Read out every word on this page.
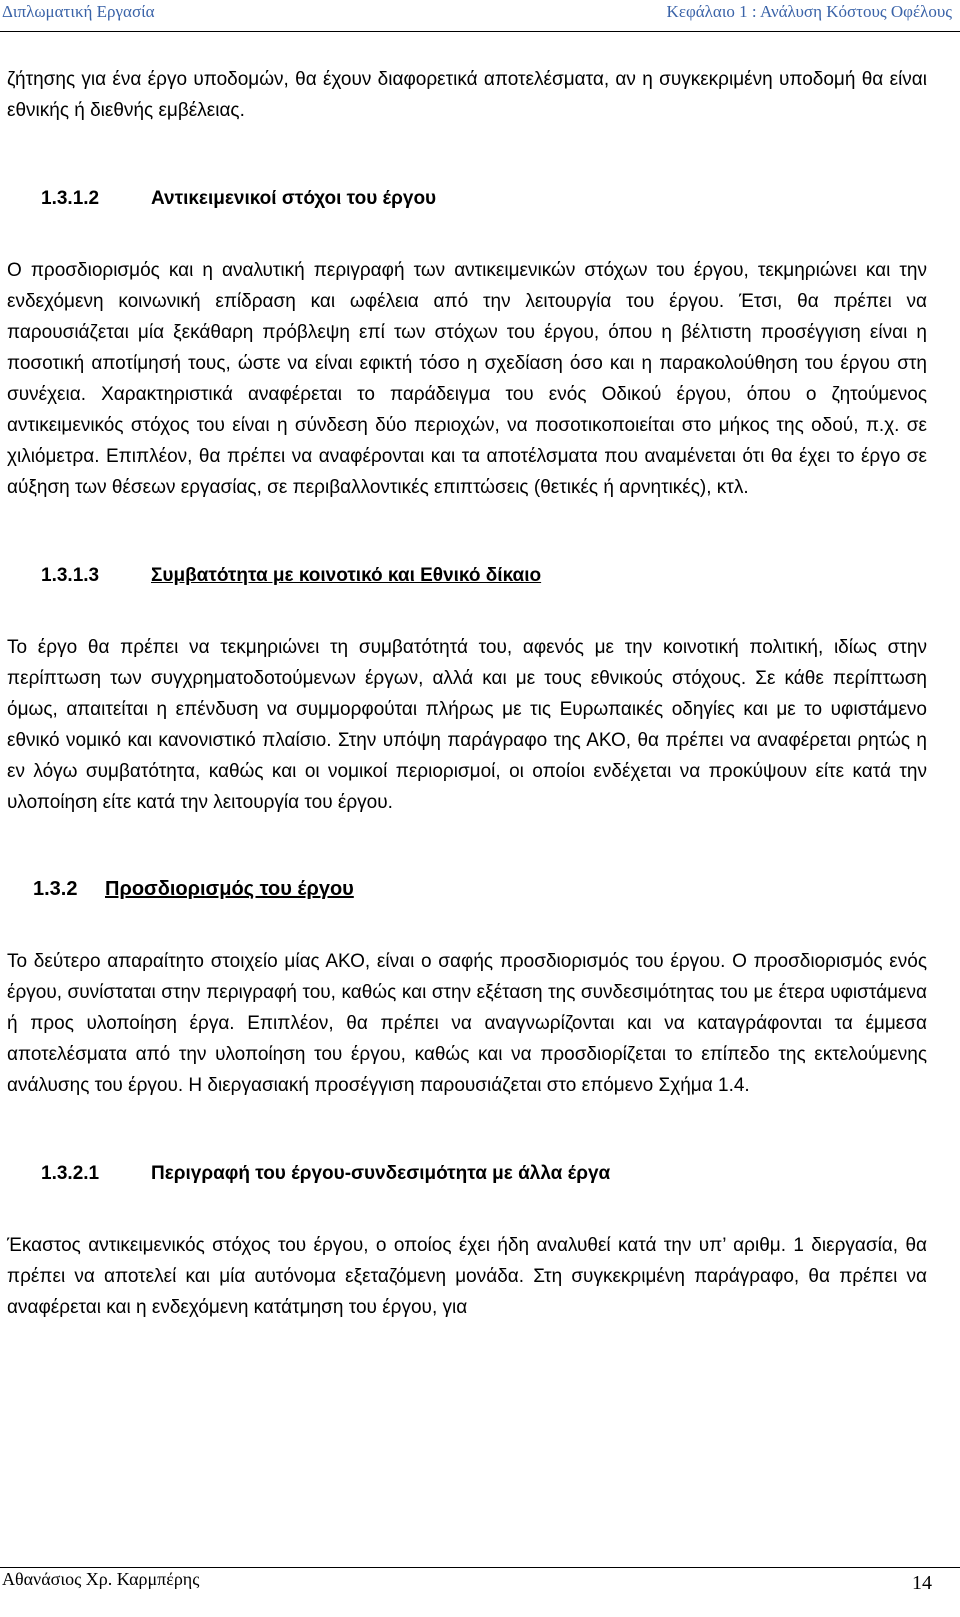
Διπλωματική Εργασία	Κεφάλαιο 1 : Ανάλυση Κόστους Οφέλους

ζήτησης για ένα έργο υποδομών, θα έχουν διαφορετικά αποτελέσματα, αν η συγκεκριμένη υποδομή θα είναι εθνικής ή διεθνής εμβέλειας.

1.3.1.2	Αντικειμενικοί στόχοι του έργου

Ο προσδιορισμός και η αναλυτική περιγραφή των αντικειμενικών στόχων του έργου, τεκμηριώνει και την ενδεχόμενη κοινωνική επίδραση και ωφέλεια από την λειτουργία του έργου. Έτσι, θα πρέπει να παρουσιάζεται μία ξεκάθαρη πρόβλεψη επί των στόχων του έργου, όπου η βέλτιστη προσέγγιση είναι η ποσοτική αποτίμησή τους, ώστε να είναι εφικτή τόσο η σχεδίαση όσο και η παρακολούθηση του έργου στη συνέχεια. Χαρακτηριστικά αναφέρεται το παράδειγμα του ενός Οδικού έργου, όπου ο ζητούμενος αντικειμενικός στόχος του είναι η σύνδεση δύο περιοχών, να ποσοτικοποιείται στο μήκος της οδού, π.χ. σε χιλιόμετρα. Επιπλέον, θα πρέπει να αναφέρονται και τα αποτέλσματα που αναμένεται ότι θα έχει το έργο σε αύξηση των θέσεων εργασίας, σε περιβαλλοντικές επιπτώσεις (θετικές ή αρνητικές), κτλ.

1.3.1.3	Συμβατότητα με κοινοτικό και Εθνικό δίκαιο

Το έργο θα πρέπει να τεκμηριώνει τη συμβατότητά του, αφενός με την κοινοτική πολιτική, ιδίως στην περίπτωση των συγχρηματοδοτούμενων έργων, αλλά και με τους εθνικούς στόχους. Σε κάθε περίπτωση όμως, απαιτείται η επένδυση να συμμορφούται πλήρως με τις Ευρωπαικές οδηγίες και με το υφιστάμενο εθνικό νομικό και κανονιστικό πλαίσιο. Στην υπόψη παράγραφο της ΑΚΟ, θα πρέπει να αναφέρεται ρητώς η εν λόγω συμβατότητα, καθώς και οι νομικοί περιορισμοί, οι οποίοι ενδέχεται να προκύψουν είτε κατά την υλοποίηση είτε κατά την λειτουργία του έργου.

1.3.2 Προσδιορισμός του έργου

Το δεύτερο απαραίτητο στοιχείο μίας ΑΚΟ, είναι ο σαφής προσδιορισμός του έργου. Ο προσδιορισμός ενός έργου, συνίσταται στην περιγραφή του, καθώς και στην εξέταση της συνδεσιμότητας του με έτερα υφιστάμενα ή προς υλοποίηση έργα. Επιπλέον, θα πρέπει να αναγνωρίζονται και να καταγράφονται τα έμμεσα αποτελέσματα από την υλοποίηση του έργου, καθώς και να προσδιορίζεται το επίπεδο της εκτελούμενης ανάλυσης του έργου. Η διεργασιακή προσέγγιση παρουσιάζεται στο επόμενο Σχήμα 1.4.

1.3.2.1	Περιγραφή του έργου-συνδεσιμότητα με άλλα έργα

Έκαστος αντικειμενικός στόχος του έργου, ο οποίος έχει ήδη αναλυθεί κατά την υπ’ αριθμ. 1 διεργασία, θα πρέπει να αποτελεί και μία αυτόνομα εξεταζόμενη μονάδα. Στη συγκεκριμένη παράγραφο, θα πρέπει να αναφέρεται και η ενδεχόμενη κατάτμηση του έργου, για

Αθανάσιος Χρ. Καρμπέρης	14
